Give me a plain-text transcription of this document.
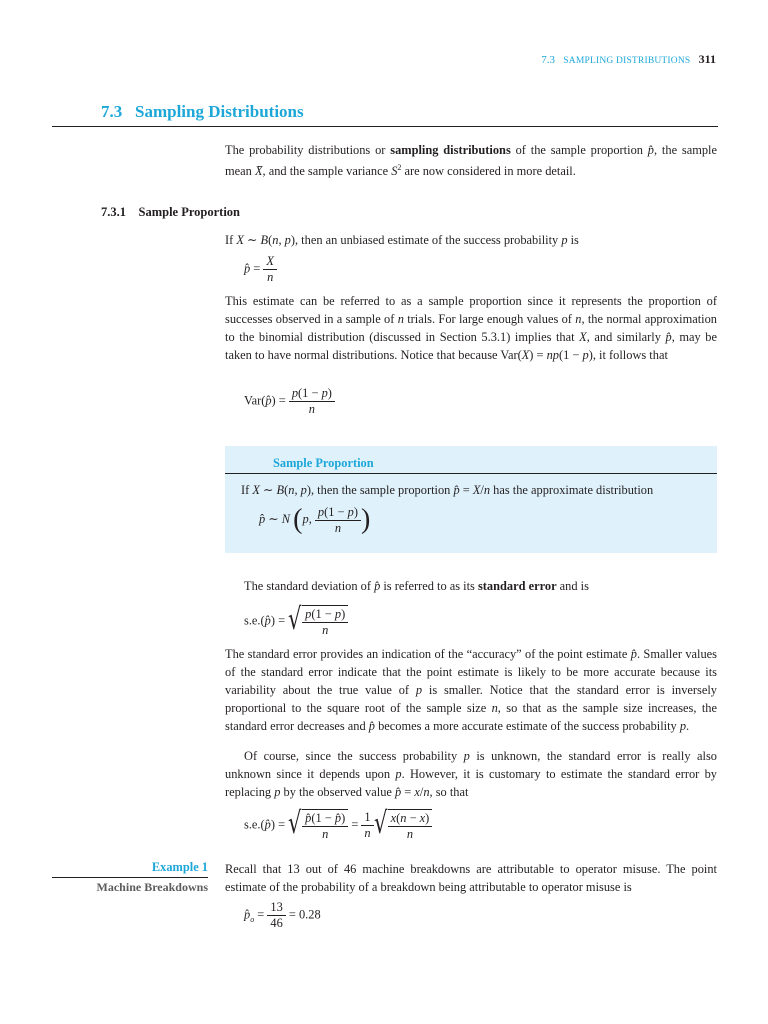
7.3 SAMPLING DISTRIBUTIONS 311
7.3 Sampling Distributions

The probability distributions or sampling distributions of the sample proportion p̂, the sample mean X̄, and the sample variance $S^2$ are now considered in more detail.

7.3.1 Sample Proportion

If X ∼ B(n, p), then an unbiased estimate of the success probability p is

p̂ = $\frac{X}{n}$

This estimate can be referred to as a sample proportion since it represents the proportion of successes observed in a sample of n trials. For large enough values of n, the normal approximation to the binomial distribution (discussed in Section 5.3.1) implies that X, and similarly p̂, may be taken to have normal distributions. Notice that because Var(X) = np(1 − p), it follows that

Var(p̂) = $\frac{p(1 - p)}{n}$
Sample Proportion
If X ∼ B(n, p), then the sample proportion p̂ = X/n has the approximate distribution
p̂ ∼ N (p, $\frac{p(1 - p)}{n}$ )

The standard deviation of p̂ is referred to as its standard error and is

s.e.(p̂) = √ $\frac{p(1 - p)}{n}$

The standard error provides an indication of the “accuracy” of the point estimate p̂. Smaller values of the standard error indicate that the point estimate is likely to be more accurate because its variability about the true value of p is smaller. Notice that the standard error is inversely proportional to the square root of the sample size n, so that as the sample size increases, the standard error decreases and p̂ becomes a more accurate estimate of the success probability p.

Of course, since the success probability p is unknown, the standard error is really also unknown since it depends upon p. However, it is customary to estimate the standard error by replacing p by the observed value p̂ = x/n, so that

s.e.(p̂) = √ $\frac{p̂(1 - p̂)}{n} = \frac{1}{n}$ √ $\frac{x(n - x)}{n}$
Example 1
Machine Breakdowns

Recall that 13 out of 46 machine breakdowns are attributable to operator misuse. The point estimate of the probability of a breakdown being attributable to operator misuse is

$p̂_o = \frac{13}{46} = 0.28$
